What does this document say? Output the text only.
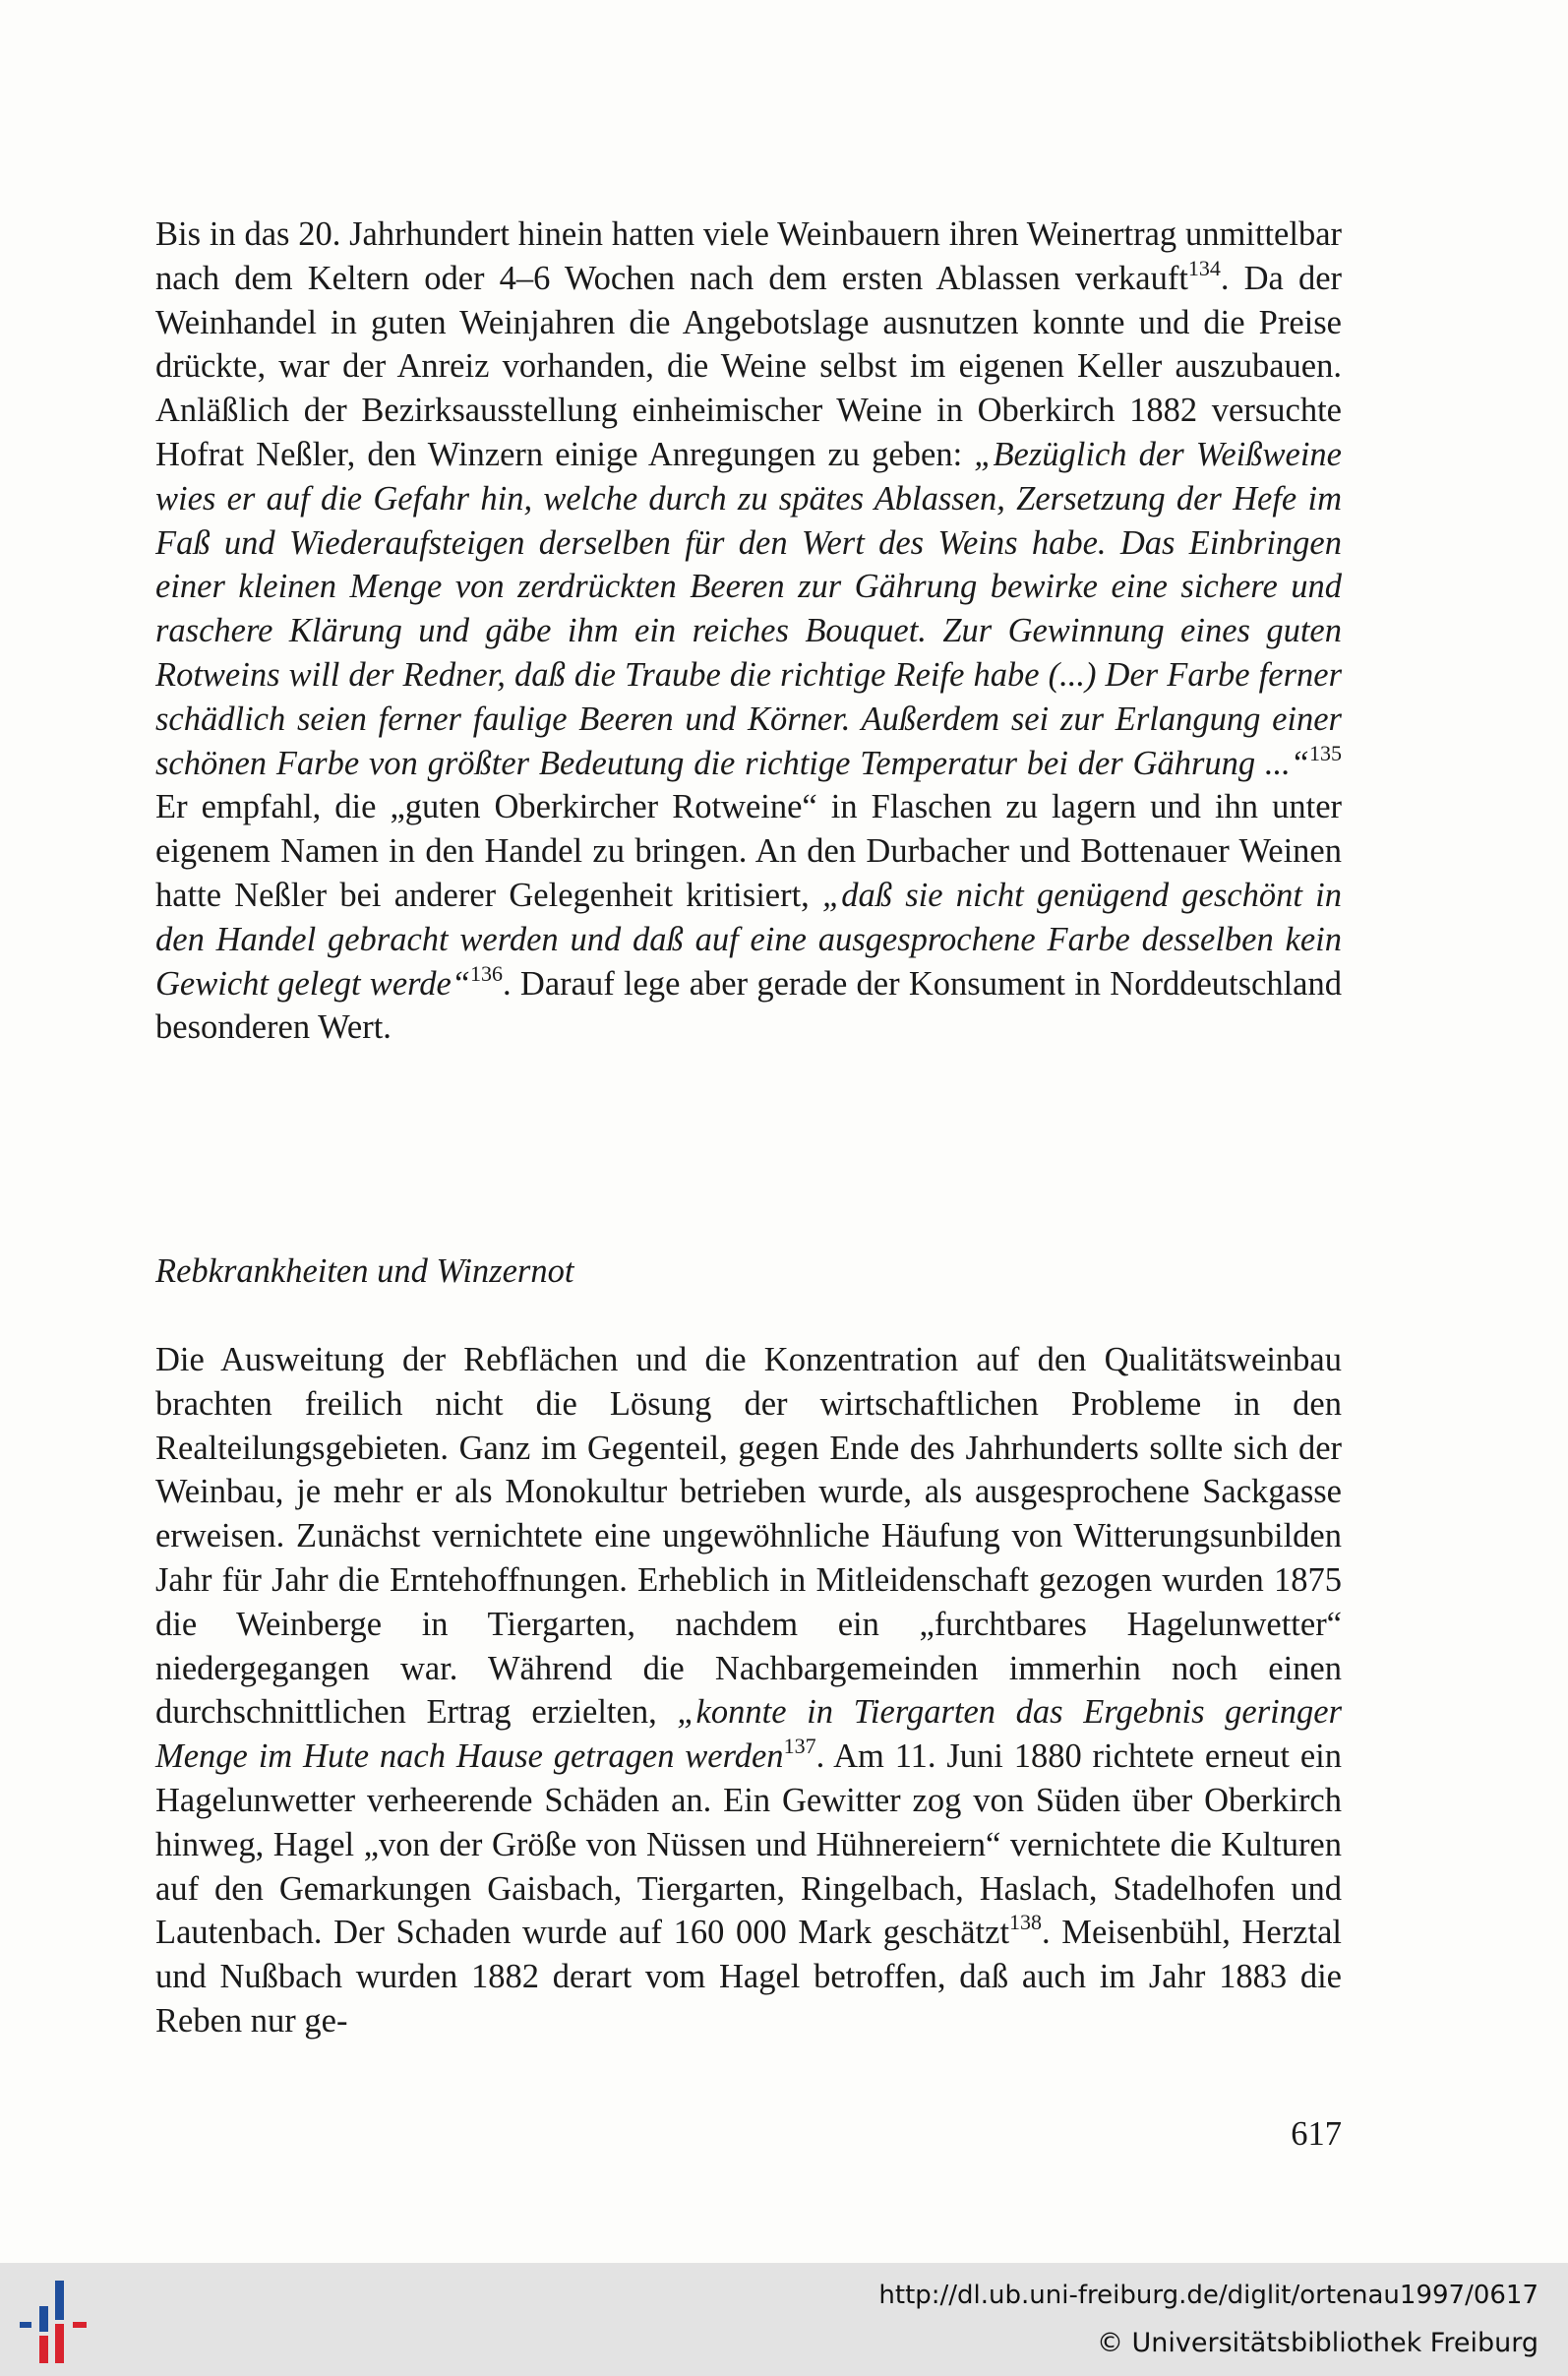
Bis in das 20. Jahrhundert hinein hatten viele Weinbauern ihren Weinertrag unmittelbar nach dem Keltern oder 4–6 Wochen nach dem ersten Ablassen verkauft$^{134}$. Da der Weinhandel in guten Weinjahren die Angebotslage ausnutzen konnte und die Preise drückte, war der Anreiz vorhanden, die Weine selbst im eigenen Keller auszubauen. Anläßlich der Bezirksausstellung einheimischer Weine in Oberkirch 1882 versuchte Hofrat Neßler, den Winzern einige Anregungen zu geben: „Bezüglich der Weißweine wies er auf die Gefahr hin, welche durch zu spätes Ablassen, Zersetzung der Hefe im Faß und Wiederaufsteigen derselben für den Wert des Weins habe. Das Einbringen einer kleinen Menge von zerdrückten Beeren zur Gährung bewirke eine sichere und raschere Klärung und gäbe ihm ein reiches Bouquet. Zur Gewinnung eines guten Rotweins will der Redner, daß die Traube die richtige Reife habe (...) Der Farbe ferner schädlich seien ferner faulige Beeren und Körner. Außerdem sei zur Erlangung einer schönen Farbe von größter Bedeutung die richtige Temperatur bei der Gährung ...“$^{135}$ Er empfahl, die „guten Oberkircher Rotweine“ in Flaschen zu lagern und ihn unter eigenem Namen in den Handel zu bringen. An den Durbacher und Bottenauer Weinen hatte Neßler bei anderer Gelegenheit kritisiert, „daß sie nicht genügend geschönt in den Handel gebracht werden und daß auf eine ausgesprochene Farbe desselben kein Gewicht gelegt werde“$^{136}$. Darauf lege aber gerade der Konsument in Norddeutschland besonderen Wert.

Rebkrankheiten und Winzernot

Die Ausweitung der Rebflächen und die Konzentration auf den Qualitätsweinbau brachten freilich nicht die Lösung der wirtschaftlichen Probleme in den Realteilungsgebieten. Ganz im Gegenteil, gegen Ende des Jahrhunderts sollte sich der Weinbau, je mehr er als Monokultur betrieben wurde, als ausgesprochene Sackgasse erweisen. Zunächst vernichtete eine ungewöhnliche Häufung von Witterungsunbilden Jahr für Jahr die Erntehoffnungen. Erheblich in Mitleidenschaft gezogen wurden 1875 die Weinberge in Tiergarten, nachdem ein „furchtbares Hagelunwetter“ niedergegangen war. Während die Nachbargemeinden immerhin noch einen durchschnittlichen Ertrag erzielten, „konnte in Tiergarten das Ergebnis geringer Menge im Hute nach Hause getragen werden$^{137}$. Am 11. Juni 1880 richtete erneut ein Hagelunwetter verheerende Schäden an. Ein Gewitter zog von Süden über Oberkirch hinweg, Hagel „von der Größe von Nüssen und Hühnereiern“ vernichtete die Kulturen auf den Gemarkungen Gaisbach, Tiergarten, Ringelbach, Haslach, Stadelhofen und Lautenbach. Der Schaden wurde auf 160 000 Mark geschätzt$^{138}$. Meisenbühl, Herztal und Nußbach wurden 1882 derart vom Hagel betroffen, daß auch im Jahr 1883 die Reben nur ge-

617
http://dl.ub.uni-freiburg.de/diglit/ortenau1997/0617
© Universitätsbibliothek Freiburg
